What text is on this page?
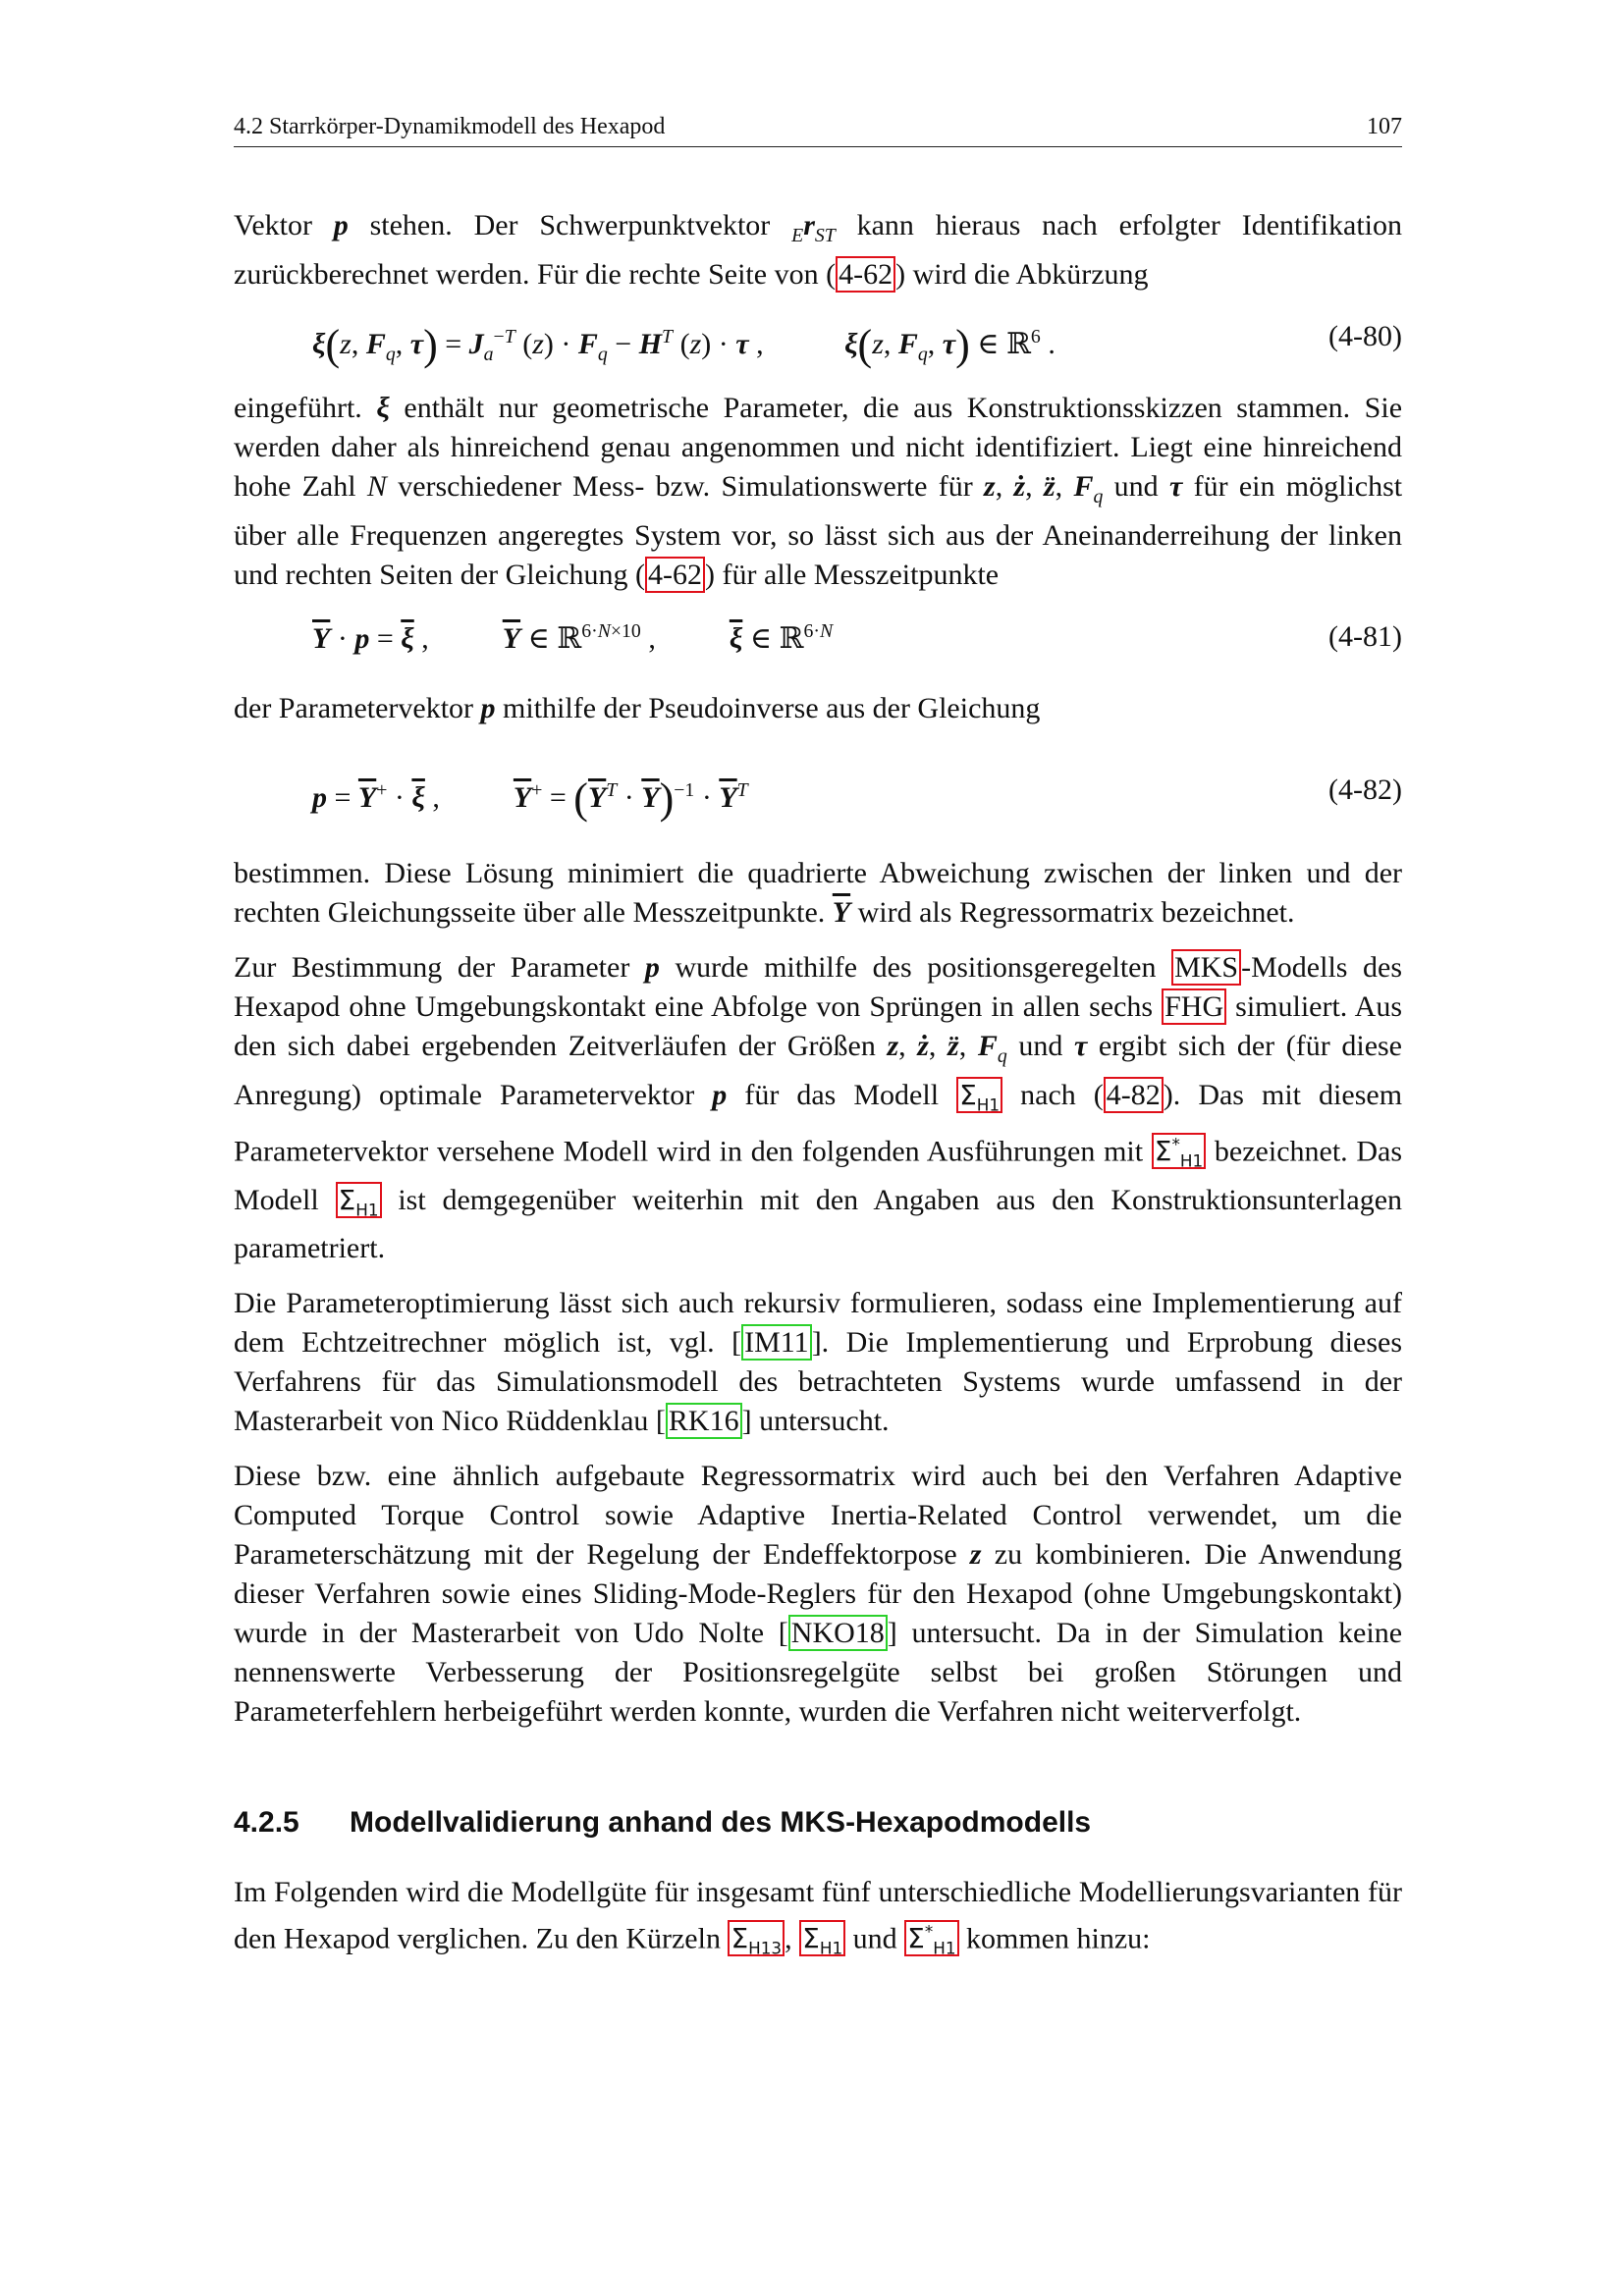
4.2 Starrkörper-Dynamikmodell des Hexapod	107

Vektor p stehen. Der Schwerpunktvektor $_Er_{ST}$ kann hieraus nach erfolgter Identifikation zurückberechnet werden. Für die rechte Seite von ( 4-62 ) wird die Abkürzung

ξ(z, $F_q$, $\tau) = J_a^{-T}$ $(z) \cdot F_q - H^T$ (z) · τ ,           ξ(z, $F_q$, τ) ∈ ℝ$^6$ .	(4-80)

eingeführt. ξ enthält nur geometrische Parameter, die aus Konstruktionsskizzen stammen. Sie werden daher als hinreichend genau angenommen und nicht identifiziert. Liegt eine hinreichend hohe Zahl N verschiedener Mess- bzw. Simulationswerte für z, ż, z̈, $F_q$ und τ für ein möglichst über alle Frequenzen angeregtes System vor, so lässt sich aus der Aneinanderreihung der linken und rechten Seiten der Gleichung ( 4-62 ) für alle Messzeitpunkte

$\overline{Y} \cdot p = \overline{\xi}$ ,          $\overline{Y}$ ∈ ℝ$^{6\cdot N\times 10}$ ,          $\overline{\xi}$ ∈ ℝ$^{6\cdot N}$	(4-81)

der Parametervektor p mithilfe der Pseudoinverse aus der Gleichung

$p = \overline{Y}^+ \cdot \overline{\xi}$ ,          $\overline{Y}^+ = (\overline{Y}^T \cdot \overline{Y})^{-1} \cdot \overline{Y}^T$	(4-82)

bestimmen. Diese Lösung minimiert die quadrierte Abweichung zwischen der linken und der rechten Gleichungsseite über alle Messzeitpunkte. $\overline{Y}$ wird als Regressormatrix bezeichnet.

Zur Bestimmung der Parameter p wurde mithilfe des positionsgeregelten MKS -Modells des Hexapod ohne Umgebungskontakt eine Abfolge von Sprüngen in allen sechs FHG simuliert. Aus den sich dabei ergebenden Zeitverläufen der Größen z, ż, z̈, $F_q$ und τ ergibt sich der (für diese Anregung) optimale Parametervektor p für das Modell $\Sigma_{H1}$ nach ( 4-82 ). Das mit diesem Parametervektor versehene Modell wird in den folgenden Ausführungen mit $\Sigma^*_{H1}$ bezeichnet. Das Modell $\Sigma_{H1}$ ist demgegenüber weiterhin mit den Angaben aus den Konstruktionsunterlagen parametriert.

Die Parameteroptimierung lässt sich auch rekursiv formulieren, sodass eine Implementierung auf dem Echtzeitrechner möglich ist, vgl. [ IM11 ]. Die Implementierung und Erprobung dieses Verfahrens für das Simulationsmodell des betrachteten Systems wurde umfassend in der Masterarbeit von Nico Rüddenklau [ RK16 ] untersucht.

Diese bzw. eine ähnlich aufgebaute Regressormatrix wird auch bei den Verfahren Adaptive Computed Torque Control sowie Adaptive Inertia-Related Control verwendet, um die Parameterschätzung mit der Regelung der Endeffektorpose z zu kombinieren. Die Anwendung dieser Verfahren sowie eines Sliding-Mode-Reglers für den Hexapod (ohne Umgebungskontakt) wurde in der Masterarbeit von Udo Nolte [ NKO18 ] untersucht. Da in der Simulation keine nennenswerte Verbesserung der Positionsregelgüte selbst bei großen Störungen und Parameterfehlern herbeigeführt werden konnte, wurden die Verfahren nicht weiterverfolgt.

4.2.5 Modellvalidierung anhand des MKS-Hexapodmodells

Im Folgenden wird die Modellgüte für insgesamt fünf unterschiedliche Modellierungsvarianten für den Hexapod verglichen. Zu den Kürzeln $\Sigma_{H13}$ , $\Sigma_{H1}$ und $\Sigma^*_{H1}$ kommen hinzu:
